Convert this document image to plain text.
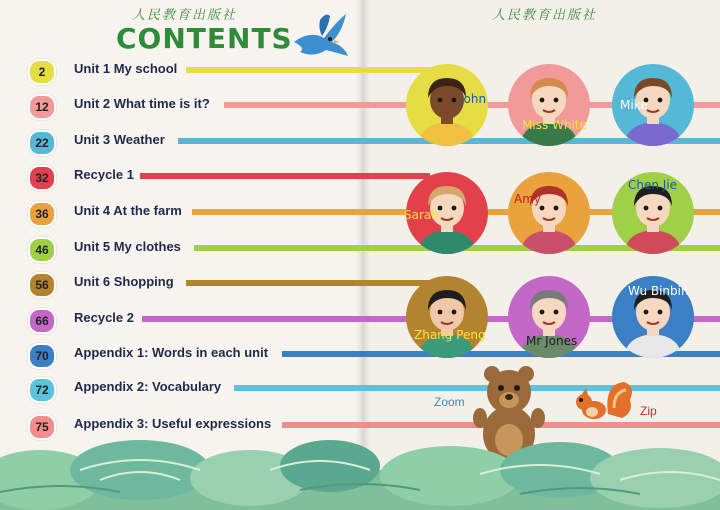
人民教育出版社	人民教育出版社
CONTENTS
2	Unit 1 My school
12	Unit 2 What time is it?
22	Unit 3 Weather
32	Recycle 1
36	Unit 4 At the farm
46	Unit 5 My clothes
56	Unit 6 Shopping
66	Recycle 2
70	Appendix 1: Words in each unit
72	Appendix 2: Vocabulary
75	Appendix 3: Useful expressions
John
Miss White
Mike
Sarah
Amy
Chen Jie
Zhang Peng	Mr Jones
Wu Binbin
Zoom
Zip
